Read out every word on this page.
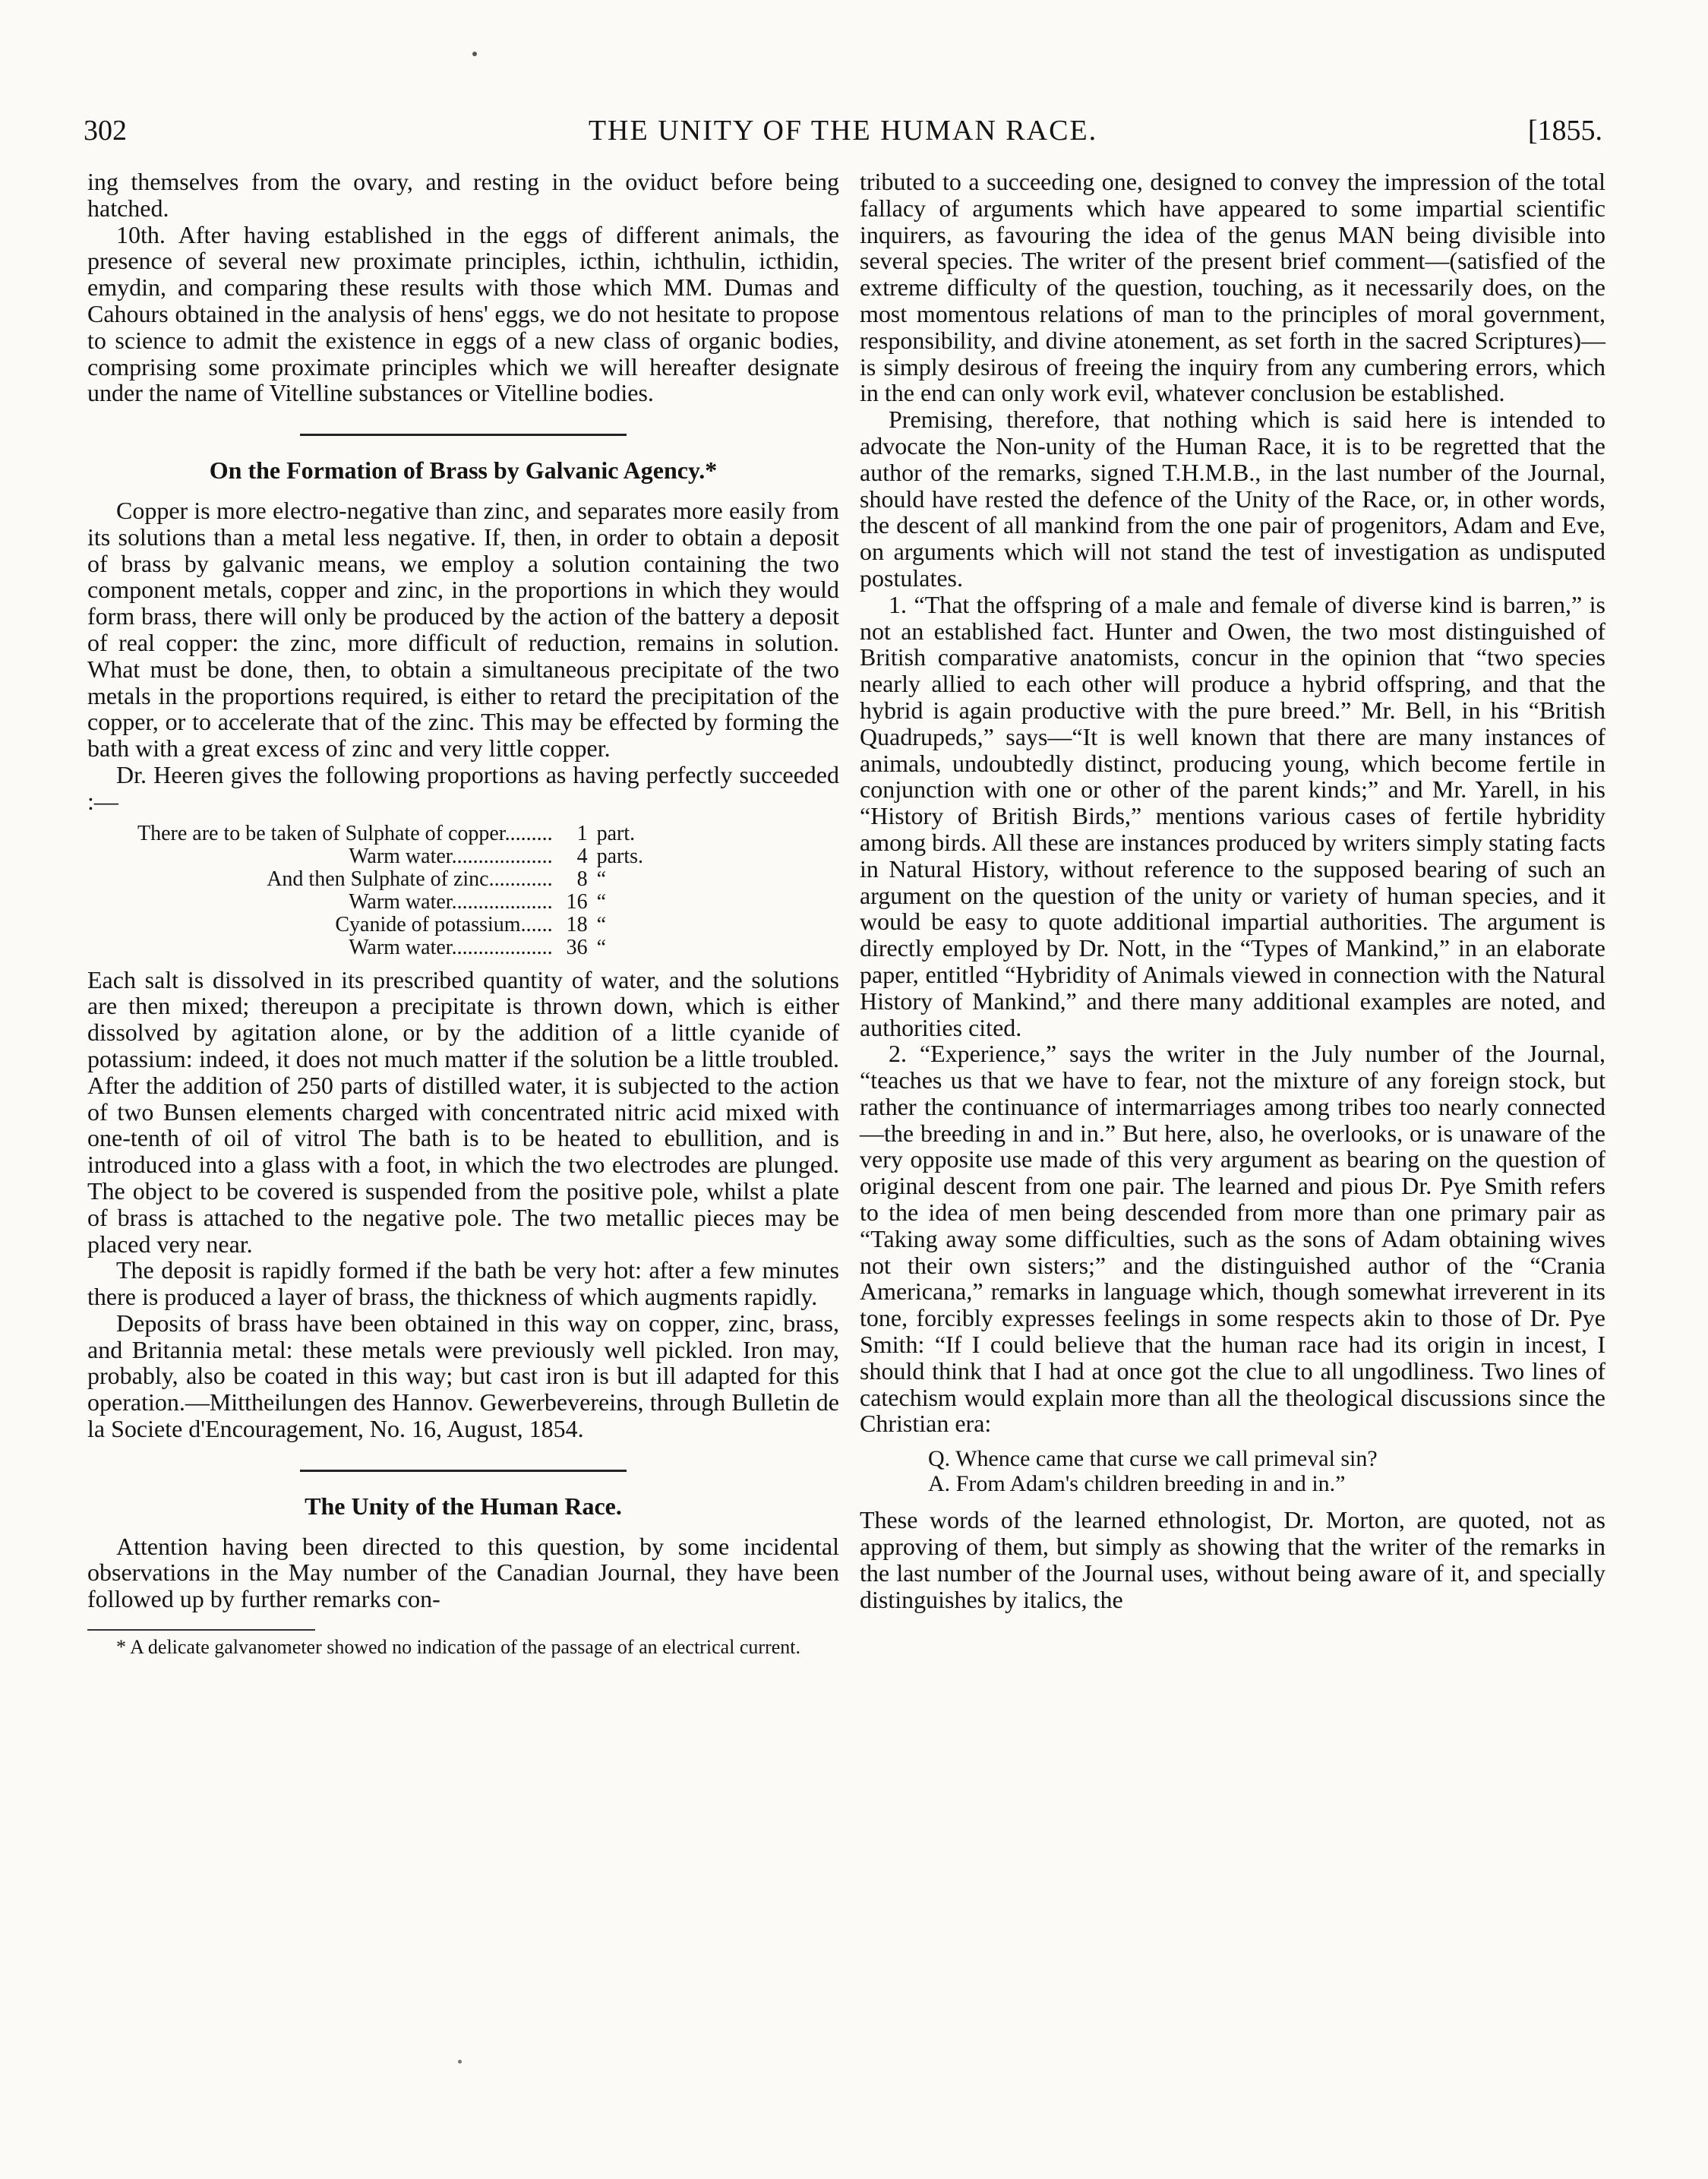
302	THE UNITY OF THE HUMAN RACE.	[1855.

ing themselves from the ovary, and resting in the oviduct before being hatched.

10th. After having established in the eggs of different animals, the presence of several new proximate principles, icthin, ichthulin, icthidin, emydin, and comparing these results with those which MM. Dumas and Cahours obtained in the analysis of hens' eggs, we do not hesitate to propose to science to admit the existence in eggs of a new class of organic bodies, comprising some proximate principles which we will hereafter designate under the name of Vitelline substances or Vitelline bodies.

On the Formation of Brass by Galvanic Agency.*

Copper is more electro-negative than zinc, and separates more easily from its solutions than a metal less negative. If, then, in order to obtain a deposit of brass by galvanic means, we employ a solution containing the two component metals, copper and zinc, in the proportions in which they would form brass, there will only be produced by the action of the battery a deposit of real copper: the zinc, more difficult of reduction, remains in solution. What must be done, then, to obtain a simultaneous precipitate of the two metals in the proportions required, is either to retard the precipitation of the copper, or to accelerate that of the zinc. This may be effected by forming the bath with a great excess of zinc and very little copper.

Dr. Heeren gives the following proportions as having perfectly succeeded :—

There are to be taken of Sulphate of copper.........	1	part.
Warm water...................	4	parts.
And then Sulphate of zinc............	8	“
Warm water...................	16	“
Cyanide of potassium......	18	“
Warm water...................	36	“

Each salt is dissolved in its prescribed quantity of water, and the solutions are then mixed; thereupon a precipitate is thrown down, which is either dissolved by agitation alone, or by the addition of a little cyanide of potassium: indeed, it does not much matter if the solution be a little troubled. After the addition of 250 parts of distilled water, it is subjected to the action of two Bunsen elements charged with concentrated nitric acid mixed with one-tenth of oil of vitrol The bath is to be heated to ebullition, and is introduced into a glass with a foot, in which the two electrodes are plunged. The object to be covered is suspended from the positive pole, whilst a plate of brass is attached to the negative pole. The two metallic pieces may be placed very near.

The deposit is rapidly formed if the bath be very hot: after a few minutes there is produced a layer of brass, the thickness of which augments rapidly.

Deposits of brass have been obtained in this way on copper, zinc, brass, and Britannia metal: these metals were previously well pickled. Iron may, probably, also be coated in this way; but cast iron is but ill adapted for this operation.—Mittheilungen des Hannov. Gewerbevereins, through Bulletin de la Societe d'Encouragement, No. 16, August, 1854.

The Unity of the Human Race.

Attention having been directed to this question, by some incidental observations in the May number of the Canadian Journal, they have been followed up by further remarks con-

* A delicate galvanometer showed no indication of the passage of an electrical current.

tributed to a succeeding one, designed to convey the impression of the total fallacy of arguments which have appeared to some impartial scientific inquirers, as favouring the idea of the genus MAN being divisible into several species. The writer of the present brief comment—(satisfied of the extreme difficulty of the question, touching, as it necessarily does, on the most momentous relations of man to the principles of moral government, responsibility, and divine atonement, as set forth in the sacred Scriptures)—is simply desirous of freeing the inquiry from any cumbering errors, which in the end can only work evil, whatever conclusion be established.

Premising, therefore, that nothing which is said here is intended to advocate the Non-unity of the Human Race, it is to be regretted that the author of the remarks, signed T.H.M.B., in the last number of the Journal, should have rested the defence of the Unity of the Race, or, in other words, the descent of all mankind from the one pair of progenitors, Adam and Eve, on arguments which will not stand the test of investigation as undisputed postulates.

1. “That the offspring of a male and female of diverse kind is barren,” is not an established fact. Hunter and Owen, the two most distinguished of British comparative anatomists, concur in the opinion that “two species nearly allied to each other will produce a hybrid offspring, and that the hybrid is again productive with the pure breed.” Mr. Bell, in his “British Quadrupeds,” says—“It is well known that there are many instances of animals, undoubtedly distinct, producing young, which become fertile in conjunction with one or other of the parent kinds;” and Mr. Yarell, in his “History of British Birds,” mentions various cases of fertile hybridity among birds. All these are instances produced by writers simply stating facts in Natural History, without reference to the supposed bearing of such an argument on the question of the unity or variety of human species, and it would be easy to quote additional impartial authorities. The argument is directly employed by Dr. Nott, in the “Types of Mankind,” in an elaborate paper, entitled “Hybridity of Animals viewed in connection with the Natural History of Mankind,” and there many additional examples are noted, and authorities cited.

2. “Experience,” says the writer in the July number of the Journal, “teaches us that we have to fear, not the mixture of any foreign stock, but rather the continuance of intermarriages among tribes too nearly connected—the breeding in and in.” But here, also, he overlooks, or is unaware of the very opposite use made of this very argument as bearing on the question of original descent from one pair. The learned and pious Dr. Pye Smith refers to the idea of men being descended from more than one primary pair as “Taking away some difficulties, such as the sons of Adam obtaining wives not their own sisters;” and the distinguished author of the “Crania Americana,” remarks in language which, though somewhat irreverent in its tone, forcibly expresses feelings in some respects akin to those of Dr. Pye Smith: “If I could believe that the human race had its origin in incest, I should think that I had at once got the clue to all ungodliness. Two lines of catechism would explain more than all the theological discussions since the Christian era:

Q. Whence came that curse we call primeval sin?
A. From Adam's children breeding in and in.”

These words of the learned ethnologist, Dr. Morton, are quoted, not as approving of them, but simply as showing that the writer of the remarks in the last number of the Journal uses, without being aware of it, and specially distinguishes by italics, the
